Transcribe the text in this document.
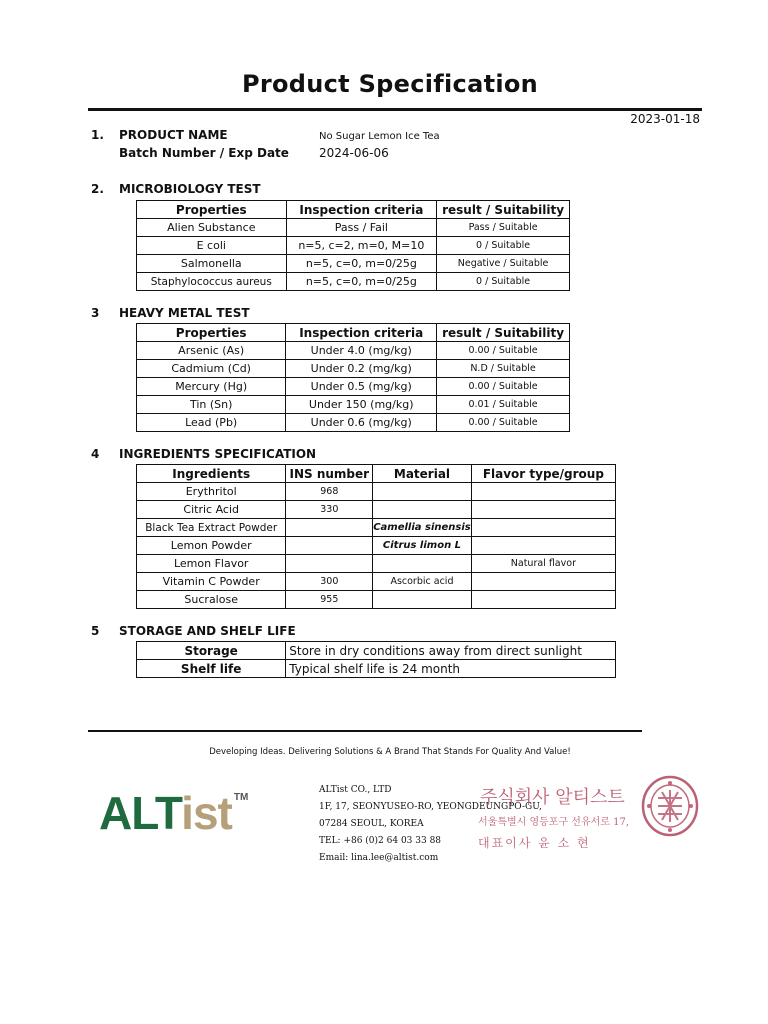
Product Specification
2023-01-18
1. PRODUCT NAME	No Sugar Lemon Ice Tea
Batch Number / Exp Date	2024-06-06
2. MICROBIOLOGY TEST
Properties	Inspection criteria	result / Suitability
Alien Substance	Pass / Fail	Pass / Suitable
E coli	n=5, c=2, m=0, M=10	0 / Suitable
Salmonella	n=5, c=0, m=0/25g	Negative / Suitable
Staphylococcus aureus	n=5, c=0, m=0/25g	0 / Suitable
3 HEAVY METAL TEST
Properties	Inspection criteria	result / Suitability
Arsenic (As)	Under 4.0 (mg/kg)	0.00 / Suitable
Cadmium (Cd)	Under 0.2 (mg/kg)	N.D / Suitable
Mercury (Hg)	Under 0.5 (mg/kg)	0.00 / Suitable
Tin (Sn)	Under 150 (mg/kg)	0.01 / Suitable
Lead (Pb)	Under 0.6 (mg/kg)	0.00 / Suitable
4 INGREDIENTS SPECIFICATION
Ingredients	INS number	Material	Flavor type/group
Erythritol	968		
Citric Acid	330		
Black Tea Extract Powder		Camellia sinensis	
Lemon Powder		Citrus limon L	
Lemon Flavor			Natural flavor
Vitamin C Powder	300	Ascorbic acid	
Sucralose	955		
5 STORAGE AND SHELF LIFE
Storage	Store in dry conditions away from direct sunlight
Shelf life	Typical shelf life is 24 month
Developing Ideas. Delivering Solutions & A Brand That Stands For Quality And Value!
ALTist ™
ALTist CO., LTD
1F, 17, SEONYUSEO-RO, YEONGDEUNGPO-GU,
07284 SEOUL, KOREA
TEL: +86 (0)2 64 03 33 88
Email: lina.lee@altist.com
주식회사 알티스트
서울특별시 영등포구 선유서로 17,
대표이사 윤 소 현
